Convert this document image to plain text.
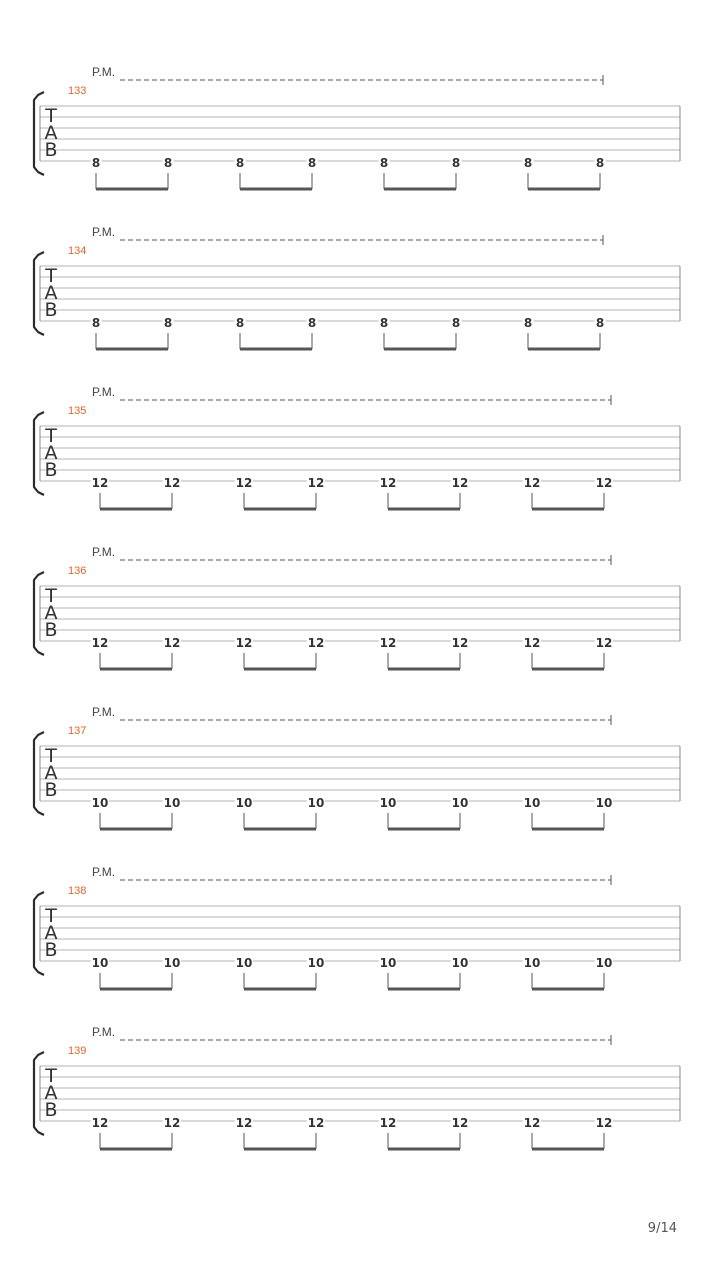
P.M.
133
T
A
B
8	8	8	8	8	8	8	8
P.M.
134
T
A
B
8	8	8	8	8	8	8	8
P.M.
135
T
A
B
12	12	12	12	12	12	12	12
P.M.
136
T
A
B
12	12	12	12	12	12	12	12
P.M.
137
T
A
B
10	10	10	10	10	10	10	10
P.M.
138
T
A
B
10	10	10	10	10	10	10	10
P.M.
139
T
A
B
12	12	12	12	12	12	12	12
9/14
